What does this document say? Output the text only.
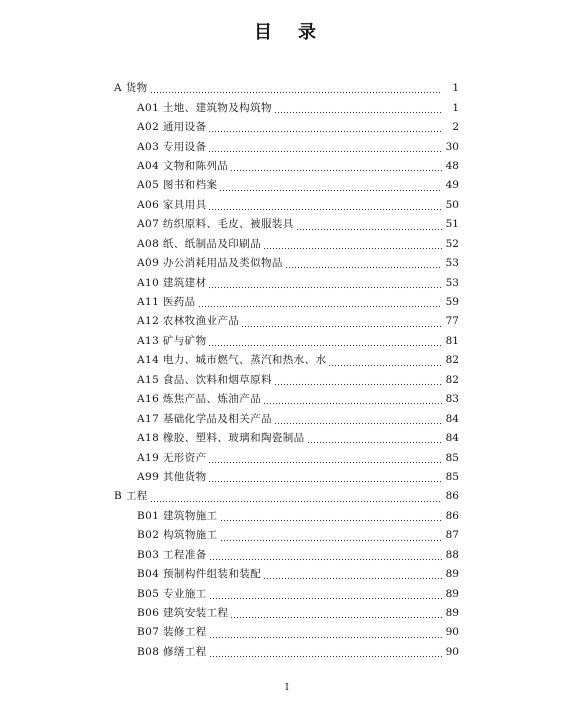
目　录
A 货物	1
A01 土地、建筑物及构筑物	1
A02 通用设备	2
A03 专用设备	30
A04 文物和陈列品	48
A05 图书和档案	49
A06 家具用具	50
A07 纺织原料、毛皮、被服装具	51
A08 纸、纸制品及印刷品	52
A09 办公消耗用品及类似物品	53
A10 建筑建材	53
A11 医药品	59
A12 农林牧渔业产品	77
A13 矿与矿物	81
A14 电力、城市燃气、蒸汽和热水、水	82
A15 食品、饮料和烟草原料	82
A16 炼焦产品、炼油产品	83
A17 基础化学品及相关产品	84
A18 橡胶、塑料、玻璃和陶瓷制品	84
A19 无形资产	85
A99 其他货物	85
B 工程	86
B01 建筑物施工	86
B02 构筑物施工	87
B03 工程准备	88
B04 预制构件组装和装配	89
B05 专业施工	89
B06 建筑安装工程	89
B07 装修工程	90
B08 修缮工程	90
I
